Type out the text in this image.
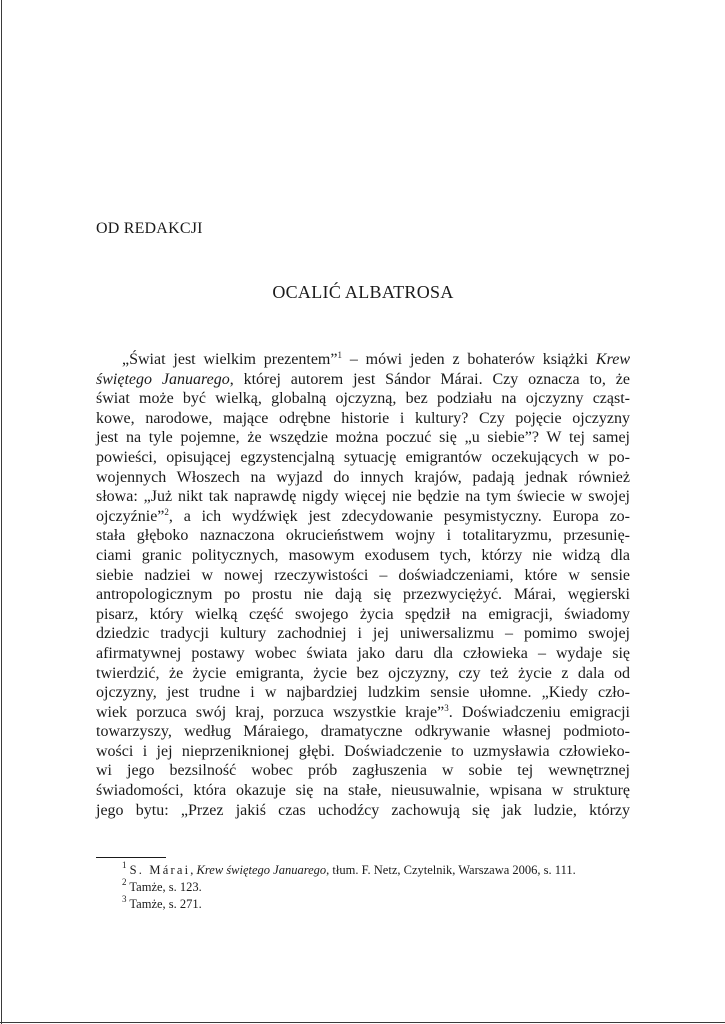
OD REDAKCJI
OCALIĆ ALBATROSA
„Świat jest wielkim prezentem”$^1$ – mówi jeden z bohaterów książki Krew
świętego Januarego, której autorem jest Sándor Márai. Czy oznacza to, że
świat może być wielką, globalną ojczyzną, bez podziału na ojczyzny cząst-
kowe, narodowe, mające odrębne historie i kultury? Czy pojęcie ojczyzny
jest na tyle pojemne, że wszędzie można poczuć się „u siebie”? W tej samej
powieści, opisującej egzystencjalną sytuację emigrantów oczekujących w po-
wojennych Włoszech na wyjazd do innych krajów, padają jednak również
słowa: „Już nikt tak naprawdę nigdy więcej nie będzie na tym świecie w swojej
ojczyźnie”$^2$, a ich wydźwięk jest zdecydowanie pesymistyczny. Europa zo-
stała głęboko naznaczona okrucieństwem wojny i totalitaryzmu, przesunię-
ciami granic politycznych, masowym exodusem tych, którzy nie widzą dla
siebie nadziei w nowej rzeczywistości – doświadczeniami, które w sensie
antropologicznym po prostu nie dają się przezwyciężyć. Márai, węgierski
pisarz, który wielką część swojego życia spędził na emigracji, świadomy
dziedzic tradycji kultury zachodniej i jej uniwersalizmu – pomimo swojej
afirmatywnej postawy wobec świata jako daru dla człowieka – wydaje się
twierdzić, że życie emigranta, życie bez ojczyzny, czy też życie z dala od
ojczyzny, jest trudne i w najbardziej ludzkim sensie ułomne. „Kiedy czło-
wiek porzuca swój kraj, porzuca wszystkie kraje”$^3$. Doświadczeniu emigracji
towarzyszy, według Máraiego, dramatyczne odkrywanie własnej podmioto-
wości i jej nieprzeniknionej głębi. Doświadczenie to uzmysławia człowieko-
wi jego bezsilność wobec prób zagłuszenia w sobie tej wewnętrznej
świadomości, która okazuje się na stałe, nieusuwalnie, wpisana w strukturę
jego bytu: „Przez jakiś czas uchodźcy zachowują się jak ludzie, którzy
$^1$ S. Márai, Krew świętego Januarego, tłum. F. Netz, Czytelnik, Warszawa 2006, s. 111.
$^2$ Tamże, s. 123.
$^3$ Tamże, s. 271.
